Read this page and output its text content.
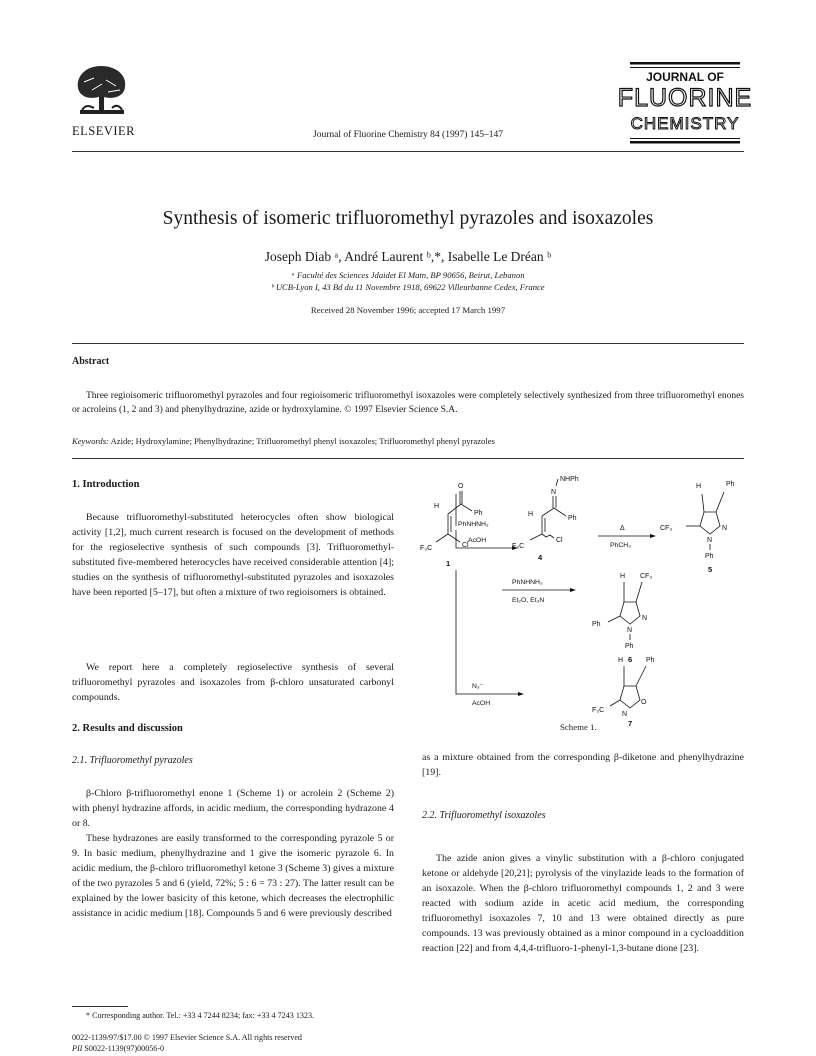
ELSEVIER	Journal of Fluorine Chemistry 84 (1997) 145–147
JOURNAL OF
FLUORINE
CHEMISTRY
Synthesis of isomeric trifluoromethyl pyrazoles and isoxazoles
Joseph Diab ᵃ, André Laurent ᵇ,*, Isabelle Le Dréan ᵇ
ᵃ Faculté des Sciences Jdaidet El Matn, BP 90656, Beirut, Lebanon
ᵇ UCB-Lyon I, 43 Bd du 11 Novembre 1918, 69622 Villeurbanne Cedex, France
Received 28 November 1996; accepted 17 March 1997
Abstract
Three regioisomeric trifluoromethyl pyrazoles and four regioisomeric trifluoromethyl isoxazoles were completely selectively synthesized from three trifluoromethyl enones or acroleins (1, 2 and 3) and phenylhydrazine, azide or hydroxylamine. © 1997 Elsevier Science S.A.
Keywords: Azide; Hydroxylamine; Phenylhydrazine; Trifluoromethyl phenyl isoxazoles; Trifluoromethyl phenyl pyrazoles
1. Introduction
Because trifluoromethyl-substituted heterocycles often show biological activity [1,2], much current research is focused on the development of methods for the regioselective synthesis of such compounds [3]. Trifluoromethyl-substituted five-membered heterocycles have received considerable attention [4]; studies on the synthesis of trifluoromethyl-substituted pyrazoles and isoxazoles have been reported [5–17], but often a mixture of two regioisomers is obtained.
We report here a completely regioselective synthesis of several trifluoromethyl pyrazoles and isoxazoles from β-chloro unsaturated carbonyl compounds.
2. Results and discussion
2.1. Trifluoromethyl pyrazoles
β-Chloro β-trifluoromethyl enone 1 (Scheme 1) or acrolein 2 (Scheme 2) with phenyl hydrazine affords, in acidic medium, the corresponding hydrazone 4 or 8.
These hydrazones are easily transformed to the corresponding pyrazole 5 or 9. In basic medium, phenylhydrazine and 1 give the isomeric pyrazole 6. In acidic medium, the β-chloro trifluoromethyl ketone 3 (Scheme 3) gives a mixture of the two pyrazoles 5 and 6 (yield, 72%; 5 : 6 = 73 : 27). The latter result can be explained by the lower basicity of this ketone, which decreases the electrophilic assistance in acidic medium [18]. Compounds 5 and 6 were previously described
O
Ph
H
F₃C	Cl
1
PhNHNH₂
AcOH
NHPh
N
Ph
H
F₃C
Cl
4
Δ
PhCH₃
H	Ph
CF₃	N
N
Ph
5
PhNHNH₂
Et₂O, Et₃N
H CF₃
Ph
N
N
Ph
6
N₃⁻
AcOH
H	Ph
F₃C
O
N
7
Scheme 1.
as a mixture obtained from the corresponding β-diketone and phenylhydrazine [19].
2.2. Trifluoromethyl isoxazoles
The azide anion gives a vinylic substitution with a β-chloro conjugated ketone or aldehyde [20,21]; pyrolysis of the vinylazide leads to the formation of an isoxazole. When the β-chloro trifluoromethyl compounds 1, 2 and 3 were reacted with sodium azide in acetic acid medium, the corresponding trifluoromethyl isoxazoles 7, 10 and 13 were obtained directly as pure compounds. 13 was previously obtained as a minor compound in a cycloaddition reaction [22] and from 4,4,4-trifluoro-1-phenyl-1,3-butane dione [23].
* Corresponding author. Tel.: +33 4 7244 8234; fax: +33 4 7243 1323.
0022-1139/97/$17.00 © 1997 Elsevier Science S.A. All rights reserved
PII S0022-1139(97)00056-0
